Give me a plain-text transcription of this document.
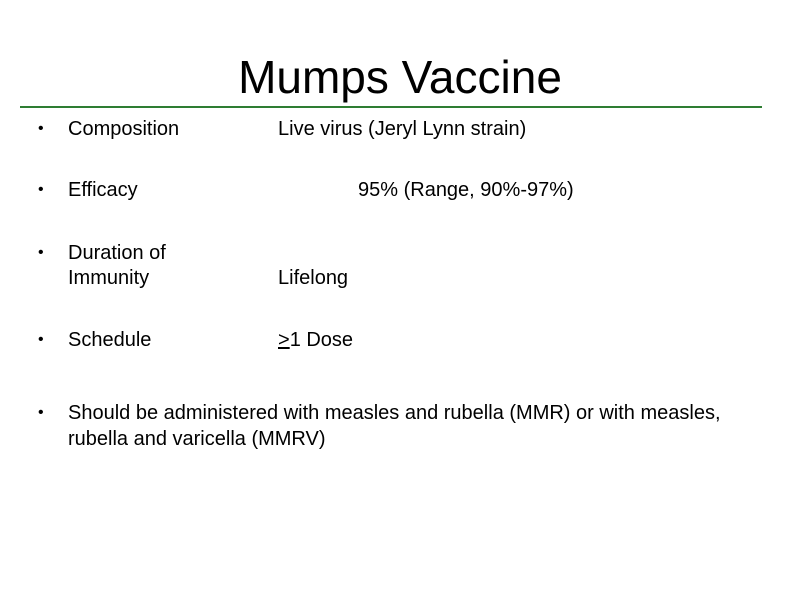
Mumps Vaccine
• Composition	Live virus (Jeryl Lynn strain)
• Efficacy	95% (Range, 90%-97%)
• Duration of
Immunity	Lifelong
• Schedule	≥1 Dose
• Should be administered with measles and rubella (MMR) or with measles, rubella and varicella (MMRV)
